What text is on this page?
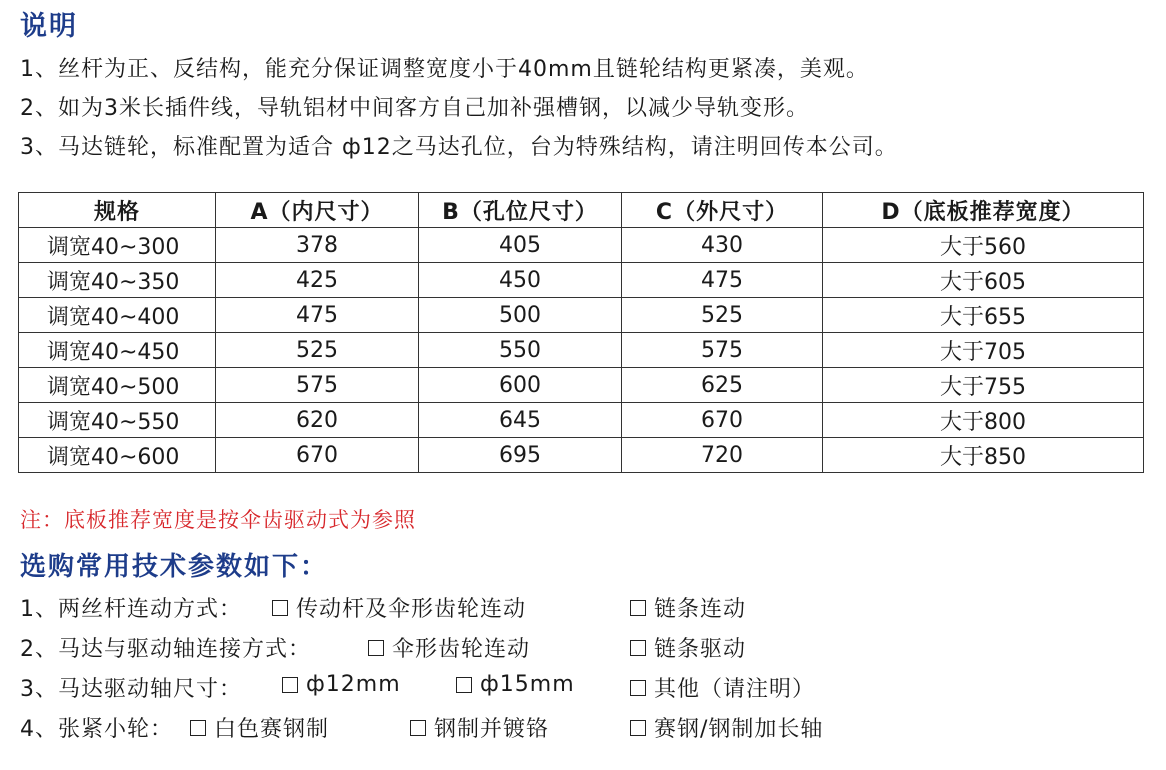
说明
1、丝杆为正、反结构，能充分保证调整宽度小于40mm且链轮结构更紧凑，美观。
2、如为3米长插件线，导轨铝材中间客方自己加补强槽钢，以减少导轨变形。
3、马达链轮，标准配置为适合 ф12之马达孔位，台为特殊结构，请注明回传本公司。
规格	A（内尺寸）	B（孔位尺寸）	C（外尺寸）	D（底板推荐宽度）
调宽40~300	378	405	430	大于560
调宽40~350	425	450	475	大于605
调宽40~400	475	500	525	大于655
调宽40~450	525	550	575	大于705
调宽40~500	575	600	625	大于755
调宽40~550	620	645	670	大于800
调宽40~600	670	695	720	大于850
注：底板推荐宽度是按伞齿驱动式为参照
选购常用技术参数如下：
1、两丝杆连动方式： 传动杆及伞形齿轮连动	链条连动
2、马达与驱动轴连接方式：	伞形齿轮连动	链条驱动
3、马达驱动轴尺寸：	ф12mm	ф15mm	其他（请注明）
4、张紧小轮： 白色赛钢制	钢制并镀铬	赛钢/钢制加长轴
